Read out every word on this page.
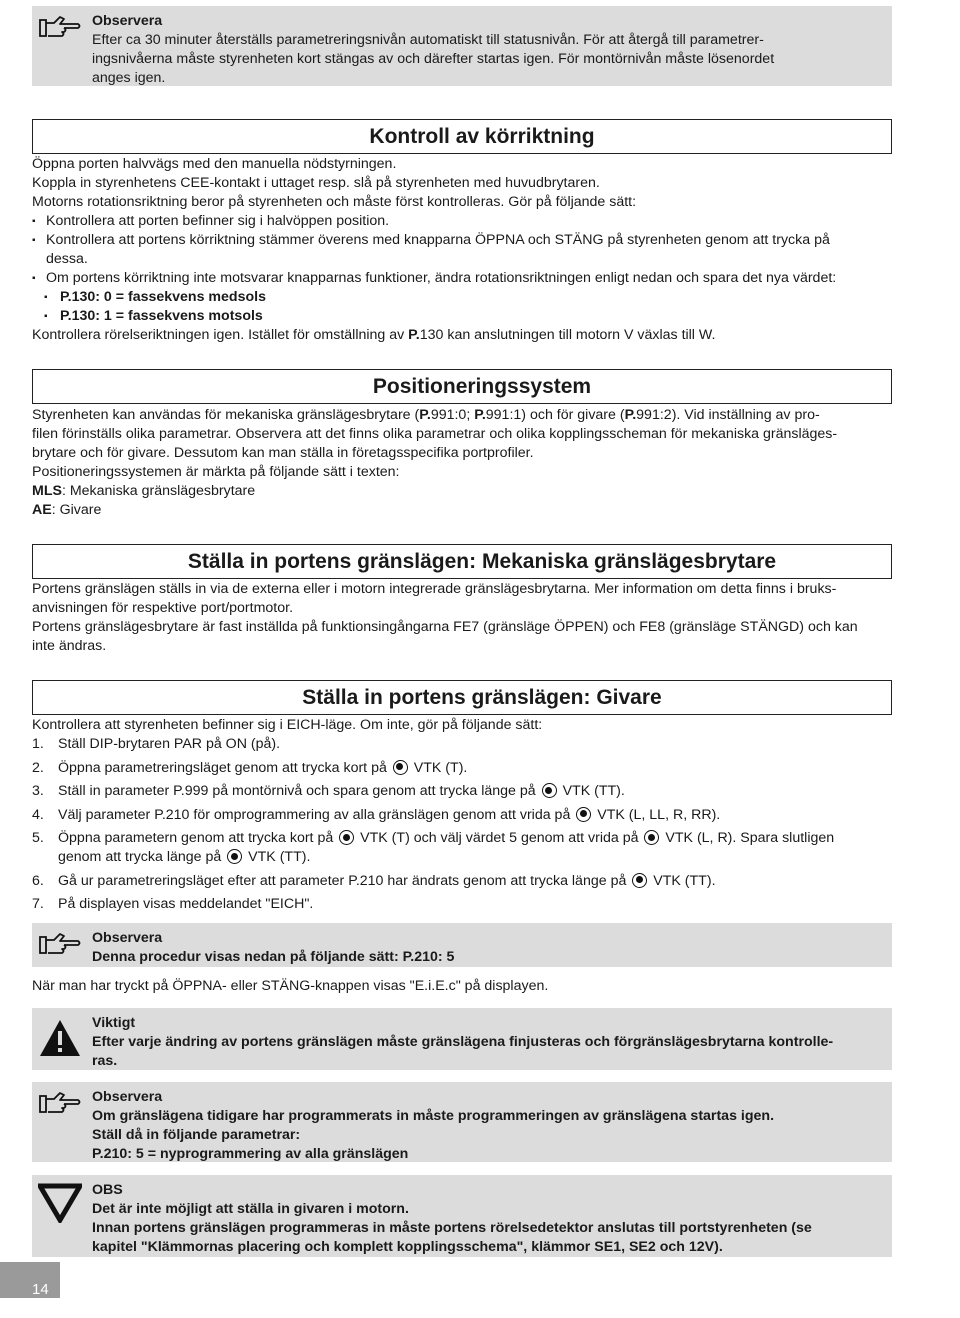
Observera
Efter ca 30 minuter återställs parametreringsnivån automatiskt till statusnivån. För att återgå till parametrer-
ingsnivåerna måste styrenheten kort stängas av och därefter startas igen. För montörnivån måste lösenordet
anges igen.
Kontroll av körriktning
Öppna porten halvvägs med den manuella nödstyrningen.
Koppla in styrenhetens CEE-kontakt i uttaget resp. slå på styrenheten med huvudbrytaren.
Motorns rotationsriktning beror på styrenheten och måste först kontrolleras. Gör på följande sätt:
▪ Kontrollera att porten befinner sig i halvöppen position.
▪ Kontrollera att portens körriktning stämmer överens med knapparna ÖPPNA och STÄNG på styrenheten genom att trycka på
dessa.
▪ Om portens körriktning inte motsvarar knapparnas funktioner, ändra rotationsriktningen enligt nedan och spara det nya värdet:
▪ P.130: 0 = fassekvens medsols
▪ P.130: 1 = fassekvens motsols
Kontrollera rörelseriktningen igen. Istället för omställning av P.130 kan anslutningen till motorn V växlas till W.
Positioneringssystem
Styrenheten kan användas för mekaniska gränslägesbrytare (P.991:0; P.991:1) och för givare (P.991:2). Vid inställning av pro-
filen förinställs olika parametrar. Observera att det finns olika parametrar och olika kopplingsscheman för mekaniska gränsläges-
brytare och för givare. Dessutom kan man ställa in företagsspecifika portprofiler.
Positioneringssystemen är märkta på följande sätt i texten:
MLS: Mekaniska gränslägesbrytare
AE: Givare
Ställa in portens gränslägen: Mekaniska gränslägesbrytare
Portens gränslägen ställs in via de externa eller i motorn integrerade gränslägesbrytarna. Mer information om detta finns i bruks-
anvisningen för respektive port/portmotor.
Portens gränslägesbrytare är fast inställda på funktionsingångarna FE7 (gränsläge ÖPPEN) och FE8 (gränsläge STÄNGD) och kan
inte ändras.
Ställa in portens gränslägen: Givare
Kontrollera att styrenheten befinner sig i EICH-läge. Om inte, gör på följande sätt:
1. Ställ DIP-brytaren PAR på ON (på).
2. Öppna parametreringsläget genom att trycka kort på VTK (T).
3. Ställ in parameter P.999 på montörnivå och spara genom att trycka länge på VTK (TT).
4. Välj parameter P.210 för omprogrammering av alla gränslägen genom att vrida på VTK (L, LL, R, RR).
5. Öppna parametern genom att trycka kort på VTK (T) och välj värdet 5 genom att vrida på VTK (L, R). Spara slutligen
genom att trycka länge på VTK (TT).
6. Gå ur parametreringsläget efter att parameter P.210 har ändrats genom att trycka länge på VTK (TT).
7. På displayen visas meddelandet "EICH".
Observera
Denna procedur visas nedan på följande sätt: P.210: 5
När man har tryckt på ÖPPNA- eller STÄNG-knappen visas "E.i.E.c" på displayen.
Viktigt
Efter varje ändring av portens gränslägen måste gränslägena finjusteras och förgränslägesbrytarna kontrolle-
ras.
Observera
Om gränslägena tidigare har programmerats in måste programmeringen av gränslägena startas igen.
Ställ då in följande parametrar:
P.210: 5 = nyprogrammering av alla gränslägen
OBS
Det är inte möjligt att ställa in givaren i motorn.
Innan portens gränslägen programmeras in måste portens rörelsedetektor anslutas till portstyrenheten (se
kapitel "Klämmornas placering och komplett kopplingsschema", klämmor SE1, SE2 och 12V).
14
